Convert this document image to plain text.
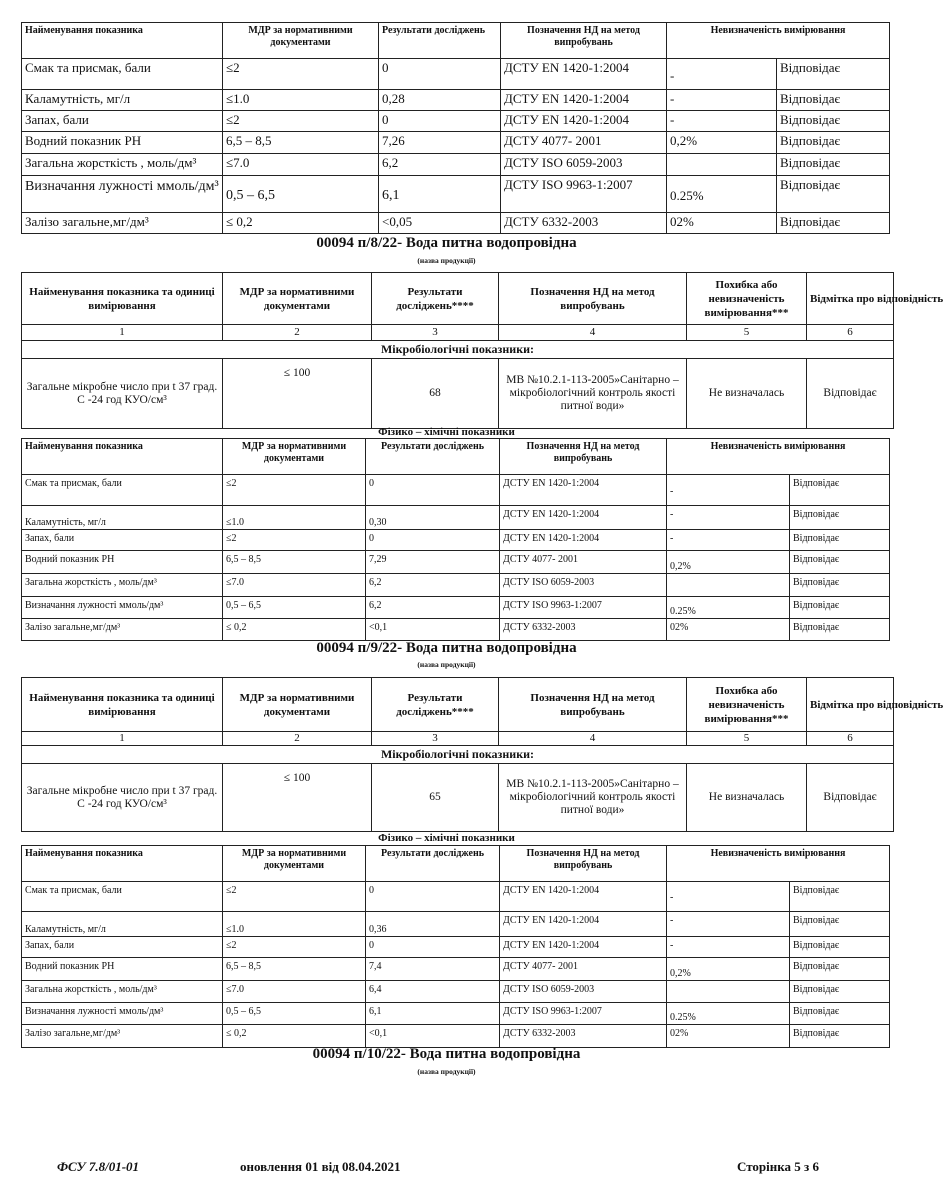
Найменування показника	МДР за нормативними документами	Результати досліджень	Позначення НД на метод випробувань	Невизначеність вимірювання	
Смак та присмак, бали	≤2	0	ДСТУ EN 1420-1:2004	-	Відповідає
Каламутність, мг/л	≤1.0	0,28	ДСТУ EN 1420-1:2004	-	Відповідає
Запах, бали	≤2	0	ДСТУ EN 1420-1:2004	-	Відповідає
Водний показник РН	6,5 – 8,5	7,26	ДСТУ 4077- 2001	0,2%	Відповідає
Загальна жорсткість , моль/дм³	≤7.0	6,2	ДСТУ ISO 6059-2003		Відповідає
Визначання лужності ммоль/дм³	0,5 – 6,5	6,1	ДСТУ ISO 9963-1:2007	0.25%	Відповідає
Залізо загальне,мг/дм³	≤ 0,2	<0,05	ДСТУ 6332-2003	02%	Відповідає
00094 п/8/22- Вода питна водопровідна
(назва продукції)
Найменування показника та одиниці вимірювання	МДР за нормативними документами	Результати досліджень****	Позначення НД на метод випробувань	Похибка або невизначеність вимірювання***	Відмітка про відповідність
1	2	3	4	5	6
Мікробіологічні показники:					
Загальне мікробне число при t 37 град. С -24 год КУО/см³	≤ 100	68	МВ №10.2.1-113-2005»Санітарно – мікробіологічний контроль якості питної води»	Не визначалась	Відповідає
Фізико – хімічні показники
Найменування показника	МДР за нормативними документами	Результати досліджень	Позначення НД на метод випробувань	Невизначеність вимірювання	
Смак та присмак, бали	≤2	0	ДСТУ EN 1420-1:2004	-	Відповідає
Каламутність, мг/л	≤1.0	0,30	ДСТУ EN 1420-1:2004	-	Відповідає
Запах, бали	≤2	0	ДСТУ EN 1420-1:2004	-	Відповідає
Водний показник РН	6,5 – 8,5	7,29	ДСТУ 4077- 2001	0,2%	Відповідає
Загальна жорсткість , моль/дм³	≤7.0	6,2	ДСТУ ISO 6059-2003		Відповідає
Визначання лужності ммоль/дм³	0,5 – 6,5	6,2	ДСТУ ISO 9963-1:2007	0.25%	Відповідає
Залізо загальне,мг/дм³	≤ 0,2	<0,1	ДСТУ 6332-2003	02%	Відповідає
00094 п/9/22- Вода питна водопровідна
(назва продукції)
Найменування показника та одиниці вимірювання	МДР за нормативними документами	Результати досліджень****	Позначення НД на метод випробувань	Похибка або невизначеність вимірювання***	Відмітка про відповідність
1	2	3	4	5	6
Мікробіологічні показники:					
Загальне мікробне число при t 37 град. С -24 год КУО/см³	≤ 100	65	МВ №10.2.1-113-2005»Санітарно – мікробіологічний контроль якості питної води»	Не визначалась	Відповідає
Фізико – хімічні показники
Найменування показника	МДР за нормативними документами	Результати досліджень	Позначення НД на метод випробувань	Невизначеність вимірювання	
Смак та присмак, бали	≤2	0	ДСТУ EN 1420-1:2004	-	Відповідає
Каламутність, мг/л	≤1.0	0,36	ДСТУ EN 1420-1:2004	-	Відповідає
Запах, бали	≤2	0	ДСТУ EN 1420-1:2004	-	Відповідає
Водний показник РН	6,5 – 8,5	7,4	ДСТУ 4077- 2001	0,2%	Відповідає
Загальна жорсткість , моль/дм³	≤7.0	6,4	ДСТУ ISO 6059-2003		Відповідає
Визначання лужності ммоль/дм³	0,5 – 6,5	6,1	ДСТУ ISO 9963-1:2007	0.25%	Відповідає
Залізо загальне,мг/дм³	≤ 0,2	<0,1	ДСТУ 6332-2003	02%	Відповідає
00094 п/10/22- Вода питна водопровідна
(назва продукції)
ФСУ 7.8/01-01	оновлення 01 від 08.04.2021	Сторінка 5 з 6
